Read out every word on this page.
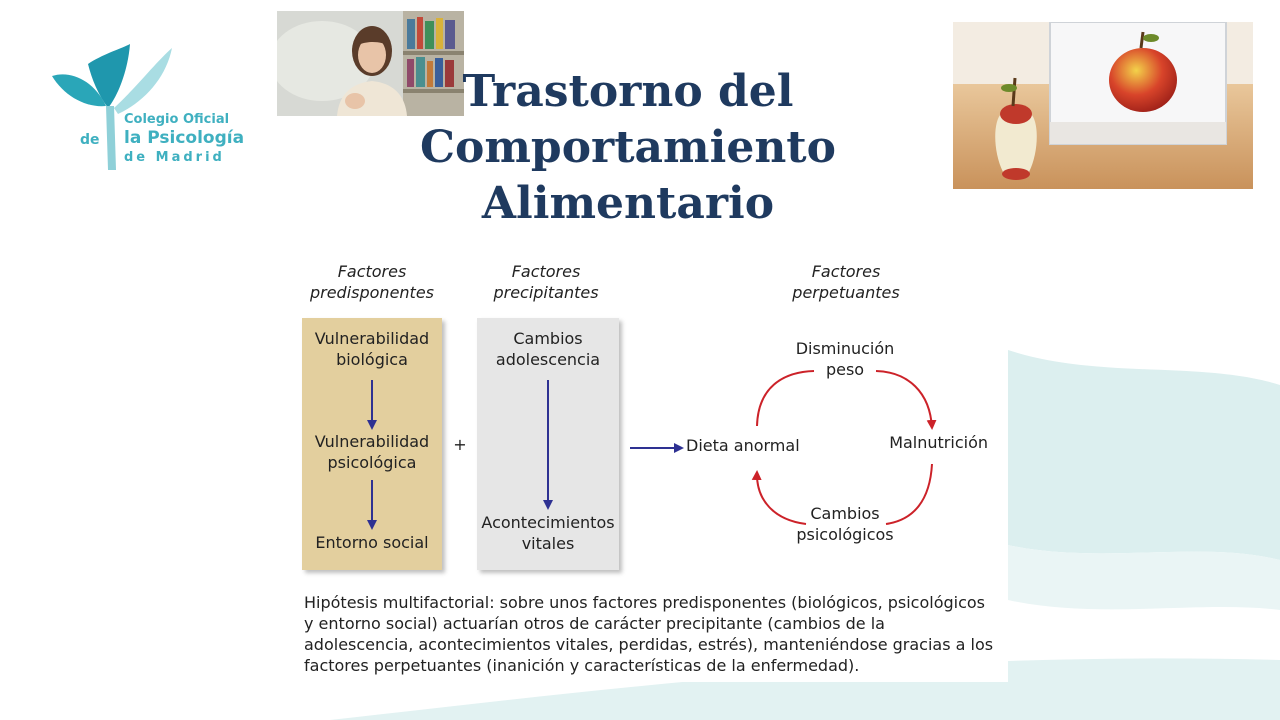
Colegio Oficial
de la Psicología
de Madrid
Trastorno del
Comportamiento
Alimentario
Factores
predisponentes
Factores
precipitantes
Factores
perpetuantes
Vulnerabilidad
biológica
Vulnerabilidad
psicológica
Entorno social
+
Cambios
adolescencia
Acontecimientos
vitales
Disminución
peso
Dieta anormal	Malnutrición
Cambios
psicológicos
Hipótesis multifactorial: sobre unos factores predisponentes (biológicos, psicológicos y entorno social) actuarían otros de carácter precipitante (cambios de la adolescencia, acontecimientos vitales, perdidas, estrés), manteniéndose gracias a los factores perpetuantes (inanición y características de la enfermedad).
